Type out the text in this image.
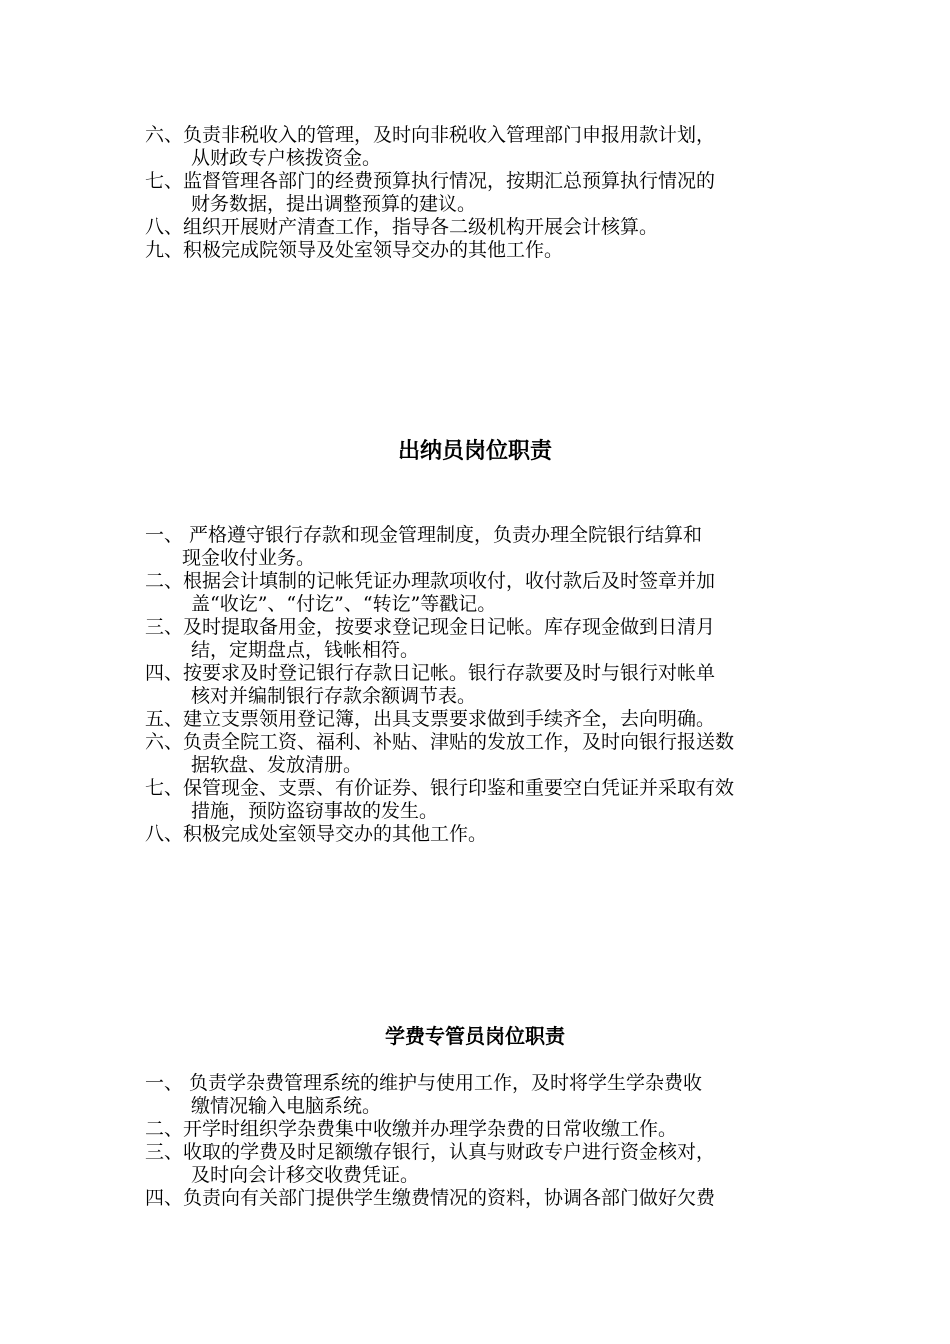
六、负责非税收入的管理，及时向非税收入管理部门申报用款计划，
从财政专户核拨资金。
七、监督管理各部门的经费预算执行情况，按期汇总预算执行情况的
财务数据，提出调整预算的建议。
八、组织开展财产清查工作，指导各二级机构开展会计核算。
九、积极完成院领导及处室领导交办的其他工作。
出纳员岗位职责
一、 严格遵守银行存款和现金管理制度，负责办理全院银行结算和
现金收付业务。
二、根据会计填制的记帐凭证办理款项收付，收付款后及时签章并加
盖“收讫”、“付讫”、“转讫”等戳记。
三、及时提取备用金，按要求登记现金日记帐。库存现金做到日清月
结，定期盘点，钱帐相符。
四、按要求及时登记银行存款日记帐。银行存款要及时与银行对帐单
核对并编制银行存款余额调节表。
五、建立支票领用登记簿，出具支票要求做到手续齐全，去向明确。
六、负责全院工资、福利、补贴、津贴的发放工作，及时向银行报送数
据软盘、发放清册。
七、保管现金、支票、有价证券、银行印鉴和重要空白凭证并采取有效
措施，预防盗窃事故的发生。
八、积极完成处室领导交办的其他工作。
学费专管员岗位职责
一、 负责学杂费管理系统的维护与使用工作，及时将学生学杂费收
缴情况输入电脑系统。
二、开学时组织学杂费集中收缴并办理学杂费的日常收缴工作。
三、收取的学费及时足额缴存银行，认真与财政专户进行资金核对，
及时向会计移交收费凭证。
四、负责向有关部门提供学生缴费情况的资料，协调各部门做好欠费
